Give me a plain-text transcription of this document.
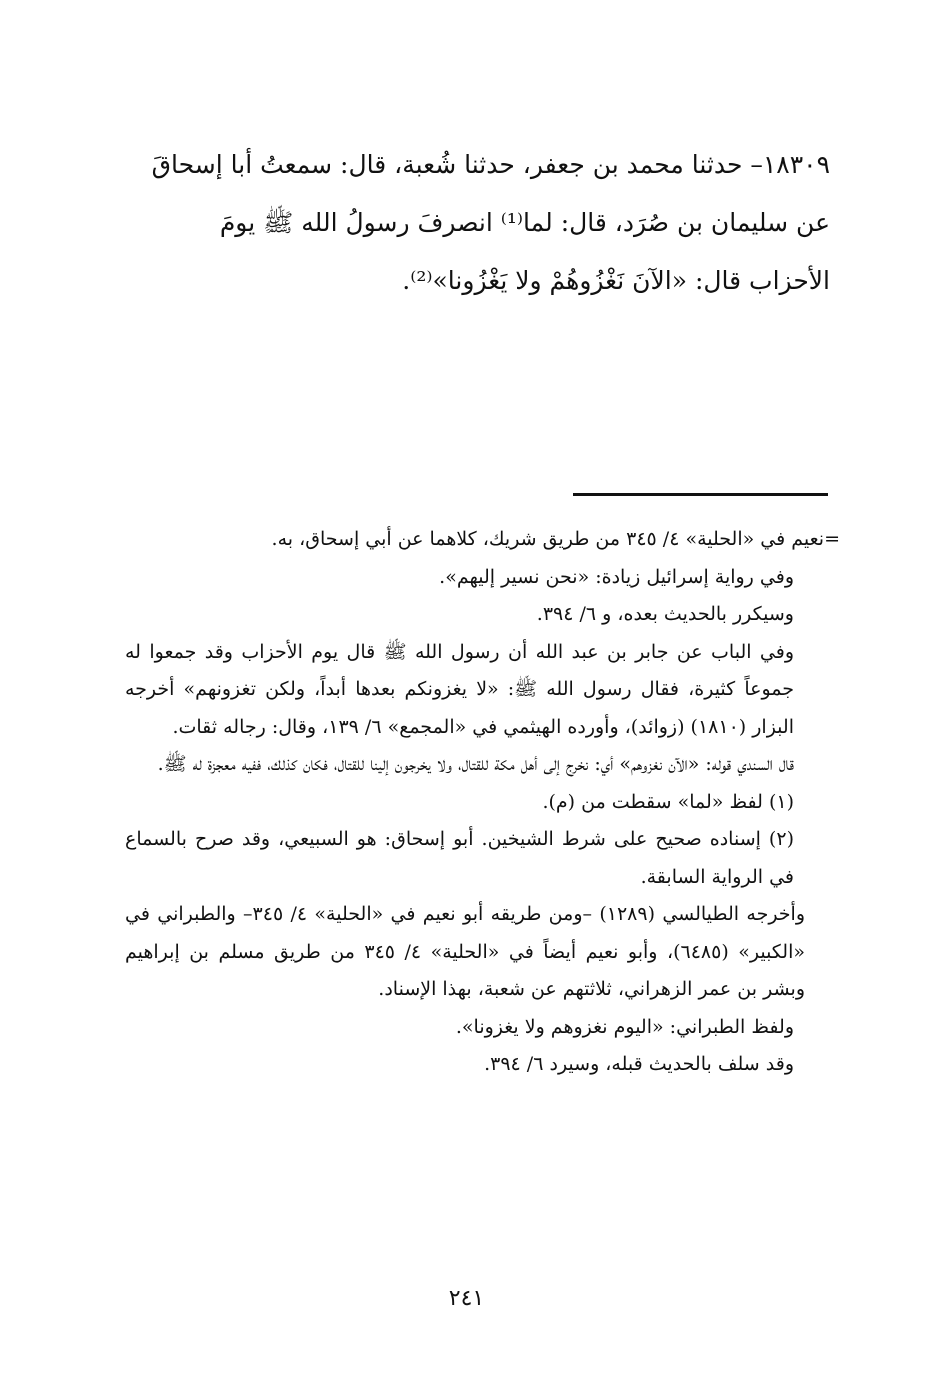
١٨٣٠٩– حدثنا محمد بن جعفر، حدثنا شُعبة، قال: سمعتُ أبا إسحاقَ

عن سليمان بن صُرَد، قال: لما⁽¹⁾ انصرفَ رسولُ الله ﷺ يومَ

الأحزاب قال: «الآنَ نَغْزُوهُمْ ولا يَغْزُونا»⁽²⁾.

=نعيم في «الحلية» ٤/ ٣٤٥ من طريق شريك، كلاهما عن أبي إسحاق، به.

وفي رواية إسرائيل زيادة: «نحن نسير إليهم».

وسيكرر بالحديث بعده، و ٦/ ٣٩٤.

وفي الباب عن جابر بن عبد الله أن رسول الله ﷺ قال يوم الأحزاب وقد جمعوا له جموعاً كثيرة، فقال رسول الله ﷺ: «لا يغزونكم بعدها أبداً، ولكن تغزونهم» أخرجه البزار (١٨١٠) (زوائد)، وأورده الهيثمي في «المجمع» ٦/ ١٣٩، وقال: رجاله ثقات.

قال السندي قوله: «الآن نغزوهم» أي: نخرج إلى أهل مكة للقتال، ولا يخرجون إلينا للقتال، فكان كذلك، ففيه معجزة له ﷺ.

(١) لفظ «لما» سقطت من (م).

(٢) إسناده صحيح على شرط الشيخين. أبو إسحاق: هو السبيعي، وقد صرح بالسماع في الرواية السابقة.

وأخرجه الطيالسي (١٢٨٩) –ومن طريقه أبو نعيم في «الحلية» ٤/ ٣٤٥– والطبراني في «الكبير» (٦٤٨٥)، وأبو نعيم أيضاً في «الحلية» ٤/ ٣٤٥ من طريق مسلم بن إبراهيم وبشر بن عمر الزهراني، ثلاثتهم عن شعبة، بهذا الإسناد.

ولفظ الطبراني: «اليوم نغزوهم ولا يغزونا».

وقد سلف بالحديث قبله، وسيرد ٦/ ٣٩٤.

٢٤١
